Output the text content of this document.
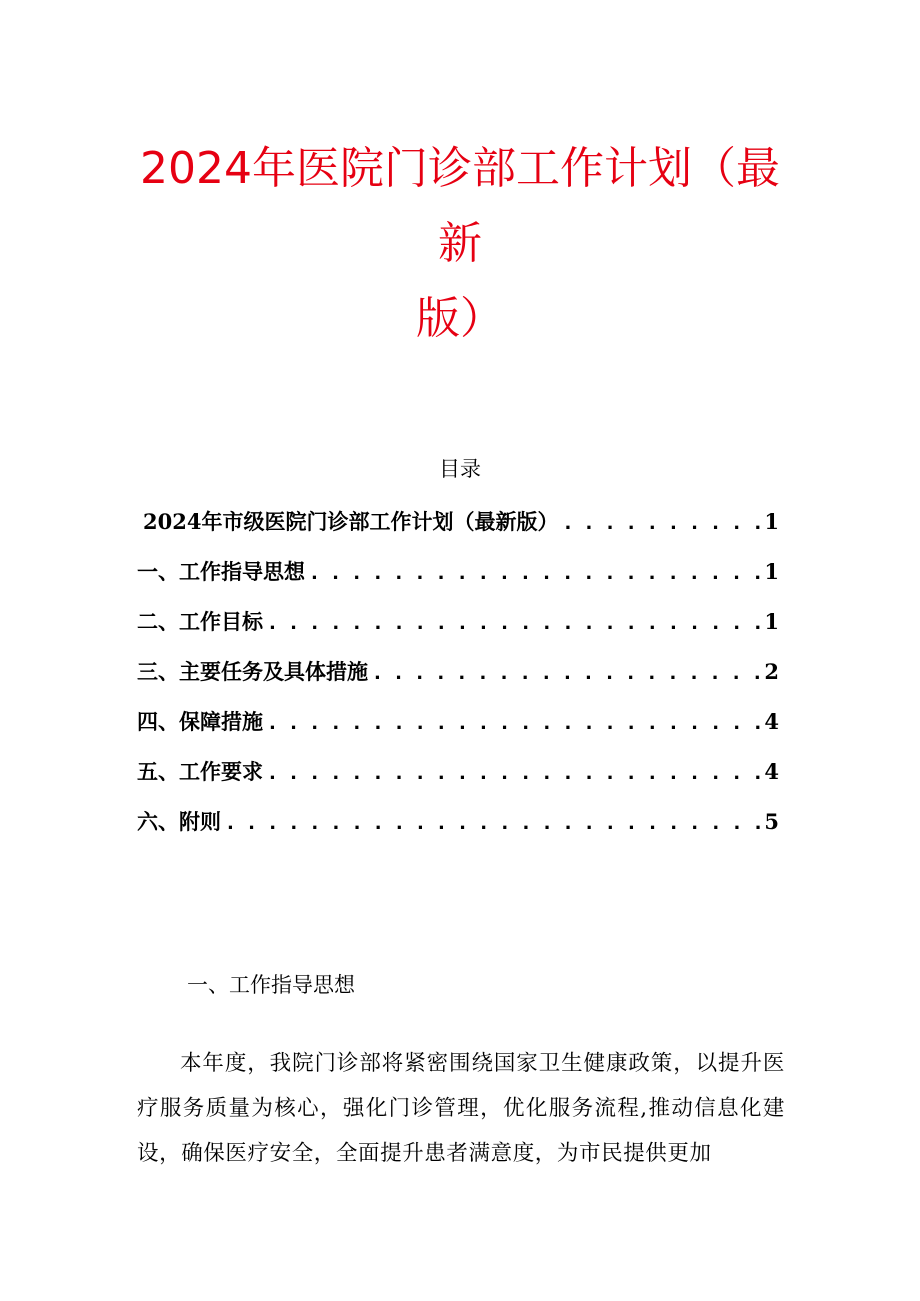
2024年医院门诊部工作计划（最
新
版）
目录
2024年市级医院门诊部工作计划（最新版） . . .	1
一、工作指导思想 . . .	1
二、工作目标 . . .	1
三、主要任务及具体措施 . . .	2
四、保障措施 . . .	4
五、工作要求 . . .	4
六、附则 . . .	5
一、工作指导思想

本年度，我院门诊部将紧密围绕国家卫生健康政策，以提升医疗服务质量为核心，强化门诊管理，优化服务流程,推动信息化建设，确保医疗安全，全面提升患者满意度，为市民提供更加
